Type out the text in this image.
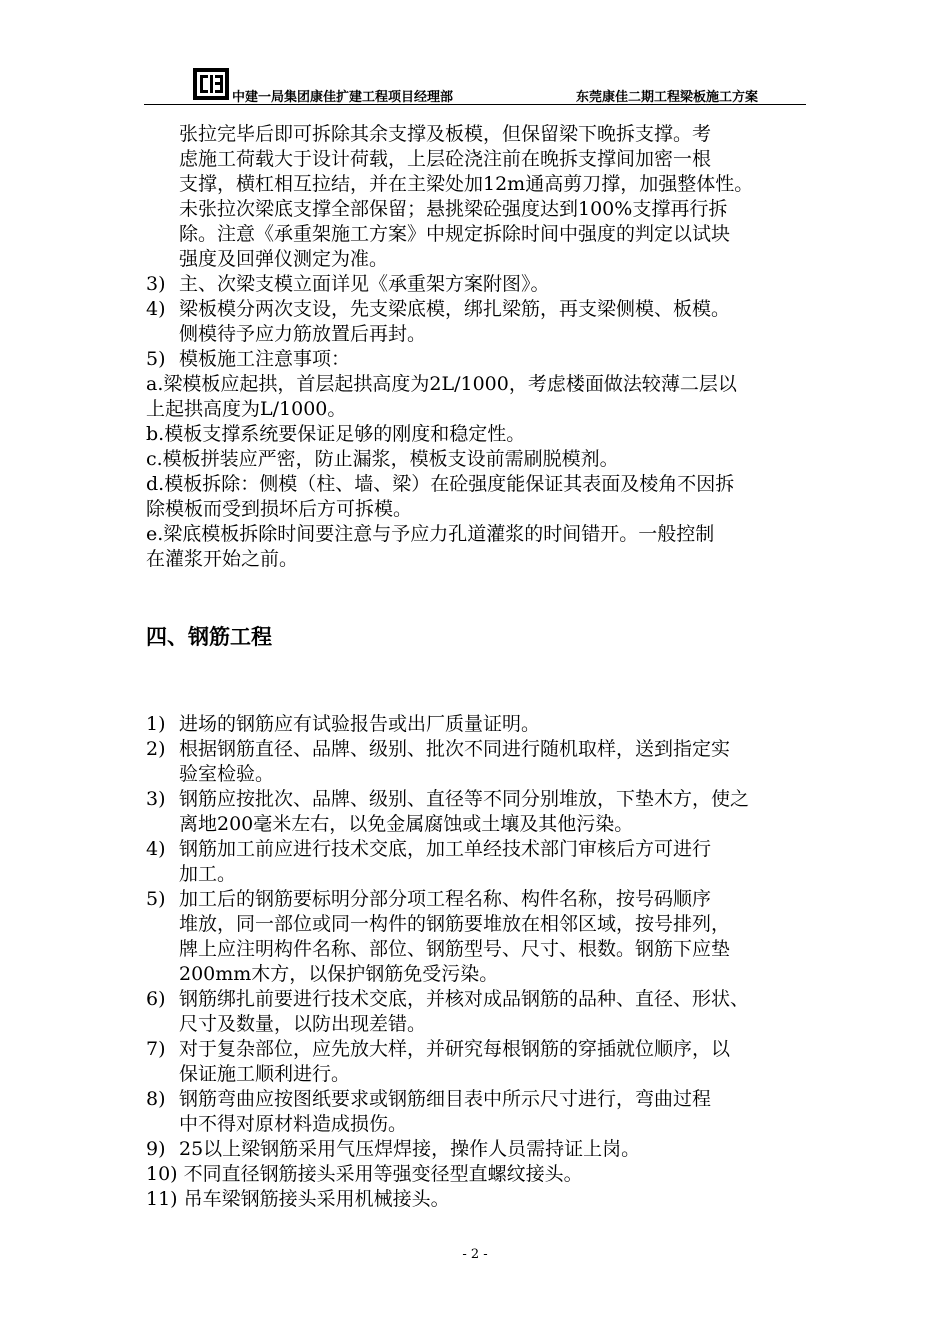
中建一局集团康佳扩建工程项目经理部	东莞康佳二期工程梁板施工方案

张拉完毕后即可拆除其余支撑及板模，但保留梁下晚拆支撑。考

虑施工荷载大于设计荷载，上层砼浇注前在晚拆支撑间加密一根

支撑，横杠相互拉结，并在主梁处加12m通高剪刀撑，加强整体性。

未张拉次梁底支撑全部保留；悬挑梁砼强度达到100%支撑再行拆

除。注意《承重架施工方案》中规定拆除时间中强度的判定以试块

强度及回弹仪测定为准。

3) 主、次梁支模立面详见《承重架方案附图》。
4) 梁板模分两次支设，先支梁底模，绑扎梁筋，再支梁侧模、板模。
侧模待予应力筋放置后再封。
5) 模板施工注意事项：

a.梁模板应起拱，首层起拱高度为2L/1000，考虑楼面做法较薄二层以

上起拱高度为L/1000。

b.模板支撑系统要保证足够的刚度和稳定性。

c.模板拼装应严密，防止漏浆，模板支设前需刷脱模剂。

d.模板拆除：侧模（柱、墙、梁）在砼强度能保证其表面及棱角不因拆

除模板而受到损坏后方可拆模。

e.梁底模板拆除时间要注意与予应力孔道灌浆的时间错开。一般控制

在灌浆开始之前。

四、钢筋工程
1) 进场的钢筋应有试验报告或出厂质量证明。
2) 根据钢筋直径、品牌、级别、批次不同进行随机取样，送到指定实
验室检验。
3) 钢筋应按批次、品牌、级别、直径等不同分别堆放，下垫木方，使之
离地200毫米左右，以免金属腐蚀或土壤及其他污染。
4) 钢筋加工前应进行技术交底，加工单经技术部门审核后方可进行
加工。
5) 加工后的钢筋要标明分部分项工程名称、构件名称，按号码顺序
堆放，同一部位或同一构件的钢筋要堆放在相邻区域，按号排列，
牌上应注明构件名称、部位、钢筋型号、尺寸、根数。钢筋下应垫
200mm木方，以保护钢筋免受污染。
6) 钢筋绑扎前要进行技术交底，并核对成品钢筋的品种、直径、形状、
尺寸及数量，以防出现差错。
7) 对于复杂部位，应先放大样，并研究每根钢筋的穿插就位顺序，以
保证施工顺利进行。
8) 钢筋弯曲应按图纸要求或钢筋细目表中所示尺寸进行，弯曲过程
中不得对原材料造成损伤。
9) 25以上梁钢筋采用气压焊焊接，操作人员需持证上岗。
10) 不同直径钢筋接头采用等强变径型直螺纹接头。
11) 吊车梁钢筋接头采用机械接头。
- 2 -
